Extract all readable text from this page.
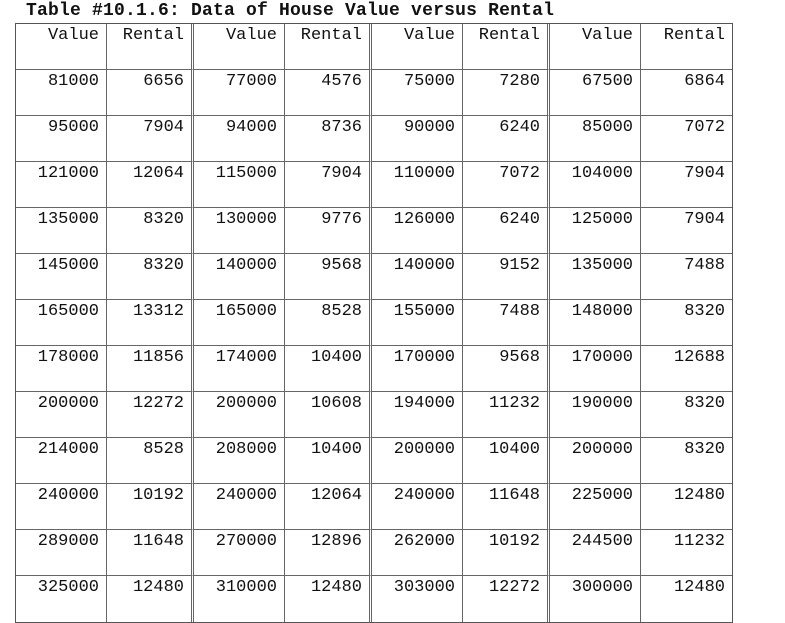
Table #10.1.6: Data of House Value versus Rental
Value	Rental	Value	Rental	Value	Rental	Value	Rental
81000	6656	77000	4576	75000	7280	67500	6864
95000	7904	94000	8736	90000	6240	85000	7072
121000	12064	115000	7904	110000	7072	104000	7904
135000	8320	130000	9776	126000	6240	125000	7904
145000	8320	140000	9568	140000	9152	135000	7488
165000	13312	165000	8528	155000	7488	148000	8320
178000	11856	174000	10400	170000	9568	170000	12688
200000	12272	200000	10608	194000	11232	190000	8320
214000	8528	208000	10400	200000	10400	200000	8320
240000	10192	240000	12064	240000	11648	225000	12480
289000	11648	270000	12896	262000	10192	244500	11232
325000	12480	310000	12480	303000	12272	300000	12480
